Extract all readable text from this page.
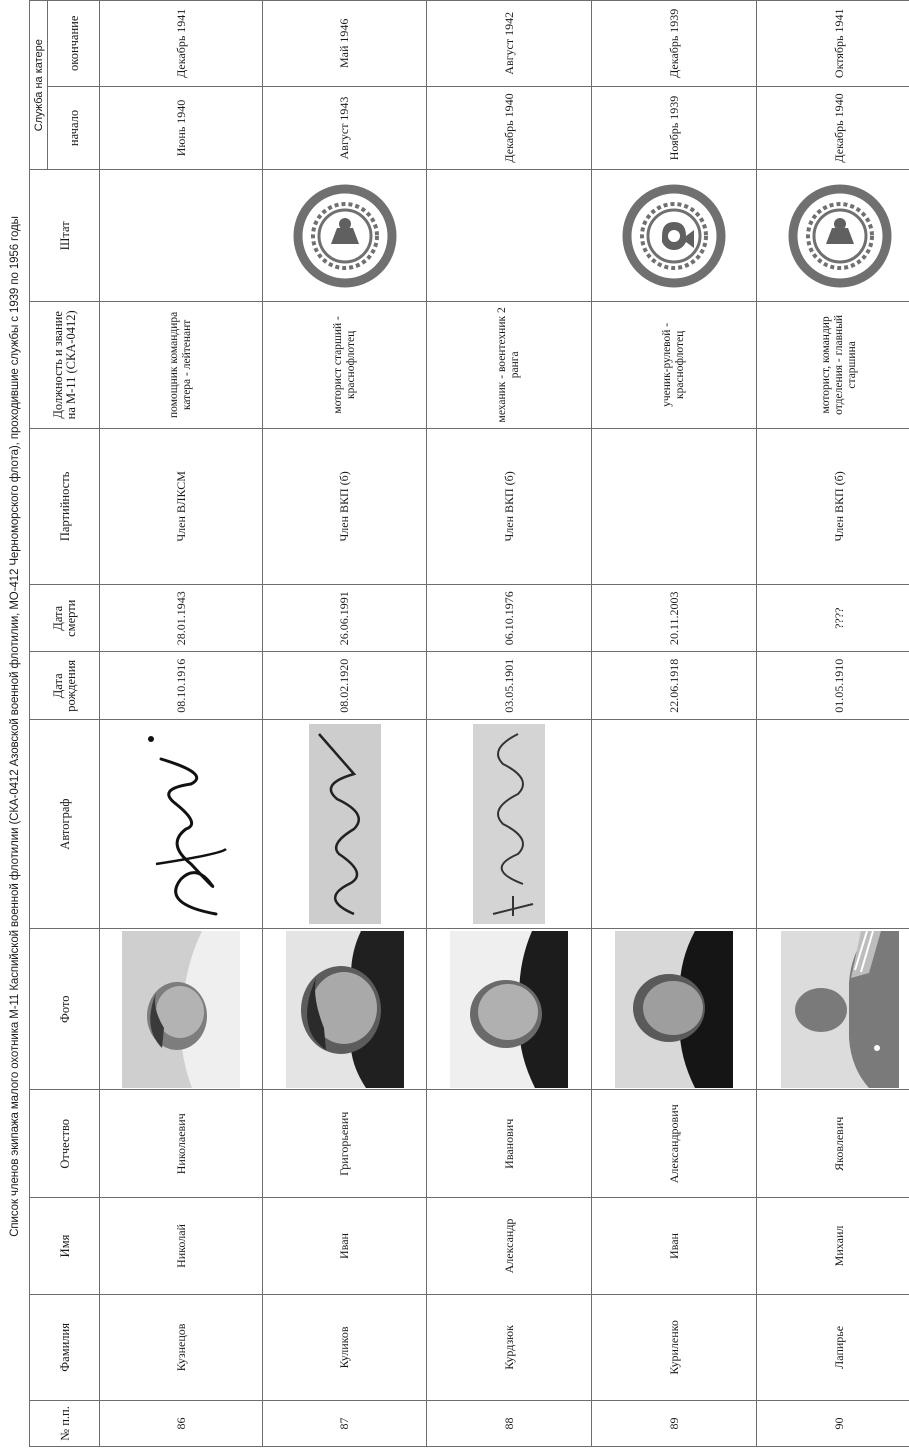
Список членов экипажа малого охотника М-11 Каспийской военной флотилии (СКА-0412 Азовской военной флотилии, МО-412 Черноморского флота), проходившие службы с 1939 по 1956 годы
№ п.п.	Фамилия	Имя	Отчество	Фото	Автограф	Дата рождения	Дата смерти	Партийность	Должность и звание на М-11 (СКА-0412)	Штат	Служба на катере	
											начало	окончание
86	Кузнецов	Николай	Николаевич			08.10.1916	28.01.1943	Член ВЛКСМ	помощник командира катера - лейтенант		Июнь 1940	Декабрь 1941
87	Куликов	Иван	Григорьевич			08.02.1920	26.06.1991	Член ВКП (б)	моторист старший - краснофлотец		Август 1943	Май 1946
88	Курдзюк	Александр	Иванович			03.05.1901	06.10.1976	Член ВКП (б)	механик - воентехник 2 ранга		Декабрь 1940	Август 1942
89	Куриленко	Иван	Александрович			22.06.1918	20.11.2003		ученик-рулевой - краснофлотец		Ноябрь 1939	Декабрь 1939
90	Лапирье	Михаил	Яковлевич			01.05.1910	????	Член ВКП (б)	моторист, командир отделения - главный старшина		Декабрь 1940	Октябрь 1941
